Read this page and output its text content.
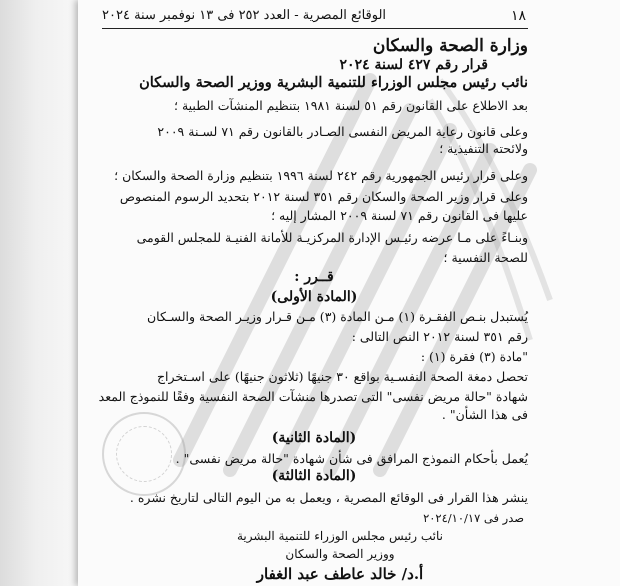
الوقائع المصرية - العدد ٢٥٢ فى ١٣ نوفمبر سنة ٢٠٢٤	١٨
وزارة الصحة والسكان
قرار رقم ٤٢٧ لسنة ٢٠٢٤
نائب رئيس مجلس الوزراء للتنمية البشرية ووزير الصحة والسكان
بعد الاطلاع على القانون رقم ٥١ لسنة ١٩٨١ بتنظيم المنشآت الطبية ؛
وعلى قانون رعاية المريض النفسى الصـادر بالقانون رقم ٧١ لسـنة ٢٠٠٩
ولائحته التنفيذية ؛
وعلى قرار رئيس الجمهورية رقم ٢٤٢ لسنة ١٩٩٦ بتنظيم وزارة الصحة والسكان ؛
وعلى قرار وزير الصحة والسكان رقم ٣٥١ لسنة ٢٠١٢ بتحديد الرسوم المنصوص
عليها فى القانون رقم ٧١ لسنة ٢٠٠٩ المشار إليه ؛
وبنـاءً على مـا عرضه رئيـس الإدارة المركزيـة للأمانة الفنيـة للمجلس القومى
للصحة النفسية ؛
قــرر :
(المادة الأولى)
يُستبدل بنـص الفقـرة (١) مـن المادة (٣) مـن قـرار وزيـر الصحة والسـكان
رقم ٣٥١ لسنة ٢٠١٢ النص التالى :
"مادة (٣) فقرة (١) :
تحصل دمغة الصحة النفسـية بواقع ٣٠ جنيهًا (ثلاثون جنيهًا) على اسـتخراج
شهادة "حالة مريض نفسى" التى تصدرها منشآت الصحة النفسية وفقًا للنموذج المعد
فى هذا الشأن" .
(المادة الثانية)
يُعمل بأحكام النموذج المرافق فى شأن شهادة "حالة مريض نفسى" .
(المادة الثالثة)
ينشر هذا القرار فى الوقائع المصرية ، ويعمل به من اليوم التالى لتاريخ نشره .
صدر فى ٢٠٢٤/١٠/١٧
نائب رئيس مجلس الوزراء للتنمية البشرية
ووزير الصحة والسكان
أ.د/ خالد عاطف عبد الغفار
